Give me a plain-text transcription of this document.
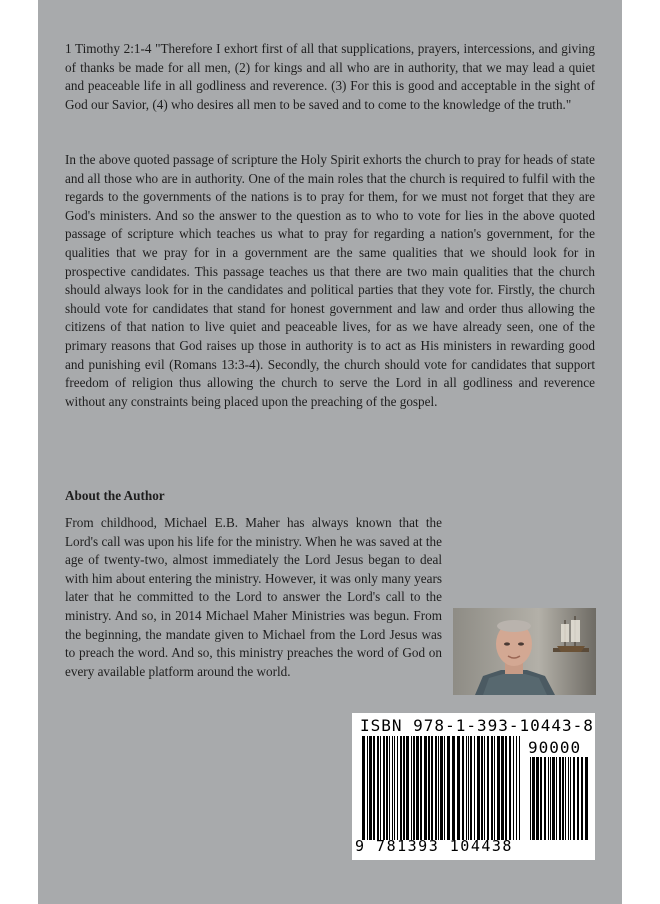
1 Timothy 2:1-4 "Therefore I exhort first of all that supplications, prayers, intercessions, and giving of thanks be made for all men, (2) for kings and all who are in authority, that we may lead a quiet and peaceable life in all godliness and reverence. (3) For this is good and acceptable in the sight of God our Savior, (4) who desires all men to be saved and to come to the knowledge of the truth."

In the above quoted passage of scripture the Holy Spirit exhorts the church to pray for heads of state and all those who are in authority. One of the main roles that the church is required to fulfil with the regards to the governments of the nations is to pray for them, for we must not forget that they are God's ministers. And so the answer to the question as to who to vote for lies in the above quoted passage of scripture which teaches us what to pray for regarding a nation's government, for the qualities that we pray for in a government are the same qualities that we should look for in prospective candidates. This passage teaches us that there are two main qualities that the church should always look for in the candidates and political parties that they vote for. Firstly, the church should vote for candidates that stand for honest government and law and order thus allowing the citizens of that nation to live quiet and peaceable lives, for as we have already seen, one of the primary reasons that God raises up those in authority is to act as His ministers in rewarding good and punishing evil (Romans 13:3-4). Secondly, the church should vote for candidates that support freedom of religion thus allowing the church to serve the Lord in all godliness and reverence without any constraints being placed upon the preaching of the gospel.

About the Author

From childhood, Michael E.B. Maher has always known that the Lord's call was upon his life for the ministry. When he was saved at the age of twenty-two, almost immediately the Lord Jesus began to deal with him about entering the ministry. However, it was only many years later that he committed to the Lord to answer the Lord's call to the ministry. And so, in 2014 Michael Maher Ministries was begun. From the beginning, the mandate given to Michael from the Lord Jesus was to preach the word. And so, this ministry preaches the word of God on every available platform around the world.

ISBN 978-1-393-10443-8
90000
9 781393 104438
